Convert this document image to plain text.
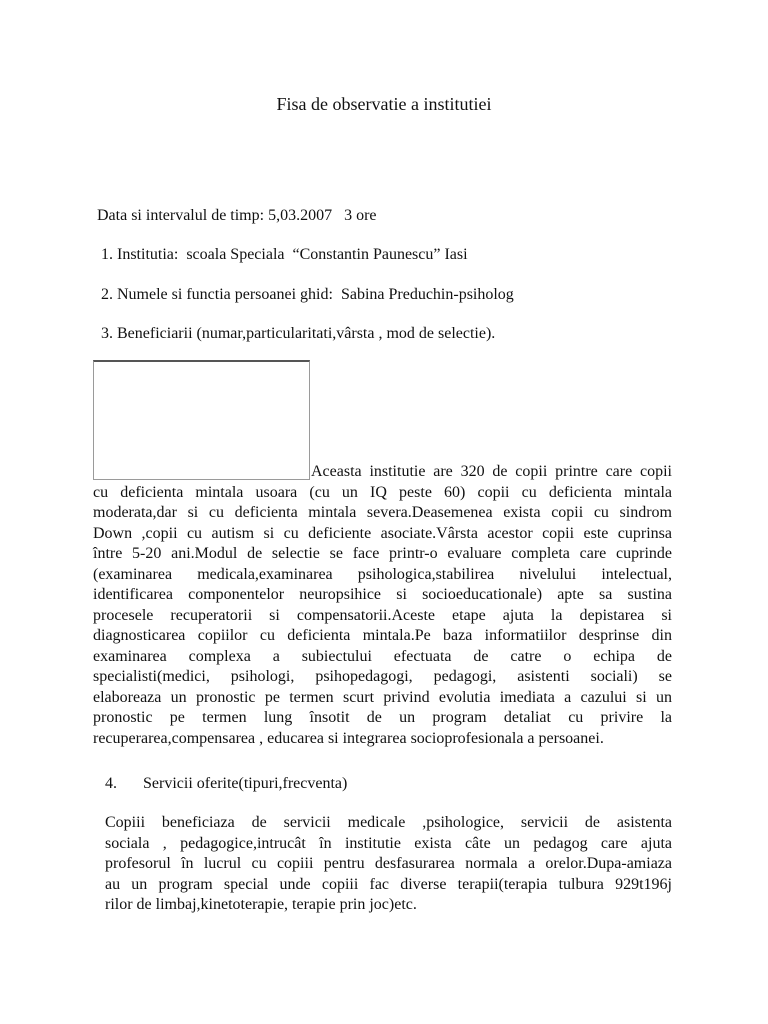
Fisa de observatie a institutiei
Data si intervalul de timp: 5,03.2007   3 ore
1. Institutia:  scoala Speciala  “Constantin Paunescu” Iasi
2. Numele si functia persoanei ghid:  Sabina Preduchin-psiholog
3. Beneficiarii (numar,particularitati,vârsta , mod de selectie).
Aceasta institutie are 320 de copii printre care copii
cu deficienta mintala usoara (cu un IQ peste 60) copii cu deficienta mintala
moderata,dar si cu deficienta mintala severa.Deasemenea exista copii cu sindrom
Down ,copii cu autism si cu deficiente asociate.Vârsta acestor copii este cuprinsa
între 5-20 ani.Modul de selectie se face printr-o evaluare completa care cuprinde
(examinarea medicala,examinarea psihologica,stabilirea nivelului intelectual,
identificarea componentelor neuropsihice si socioeducationale) apte sa sustina
procesele recuperatorii si compensatorii.Aceste etape ajuta la depistarea si
diagnosticarea copiilor cu deficienta mintala.Pe baza informatiilor desprinse din
examinarea complexa a subiectului efectuata de catre o echipa de
specialisti(medici, psihologi, psihopedagogi, pedagogi, asistenti sociali) se
elaboreaza un pronostic pe termen scurt privind evolutia imediata a cazului si un
pronostic pe termen lung însotit de un program detaliat cu privire la
recuperarea,compensarea , educarea si integrarea socioprofesionala a persoanei.
4. Servicii oferite(tipuri,frecventa)
Copiii beneficiaza de servicii medicale ,psihologice, servicii de asistenta
sociala , pedagogice,intrucât în institutie exista câte un pedagog care ajuta
profesorul în lucrul cu copiii pentru desfasurarea normala a orelor.Dupa-amiaza
au un program special unde copiii fac diverse terapii(terapia tulbura 929t196j
rilor de limbaj,kinetoterapie, terapie prin joc)etc.
